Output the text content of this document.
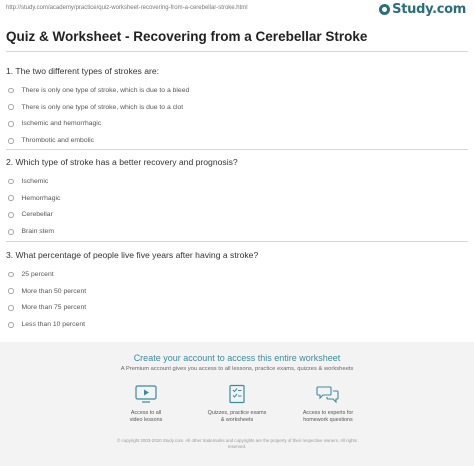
http://study.com/academy/practice/quiz-worksheet-recovering-from-a-cerebellar-stroke.html	Study.com
Quiz & Worksheet - Recovering from a Cerebellar Stroke
1. The two different types of strokes are:
There is only one type of stroke, which is due to a bleed
There is only one type of stroke, which is due to a clot
Ischemic and hemorrhagic
Thrombotic and embolic
2. Which type of stroke has a better recovery and prognosis?
Ischemic
Hemorrhagic
Cerebellar
Brain stem
3. What percentage of people live five years after having a stroke?
25 percent
More than 50 percent
More than 75 percent
Less than 10 percent
Create your account to access this entire worksheet
A Premium account gives you access to all lessons, practice exams, quizzes & worksheets
Access to all
video lessons
Quizzes, practice exams
& worksheets
Access to experts for
homework questions
© copyright 2003-2020 Study.com. All other trademarks and copyrights are the property of their respective owners. All rights
reserved.
